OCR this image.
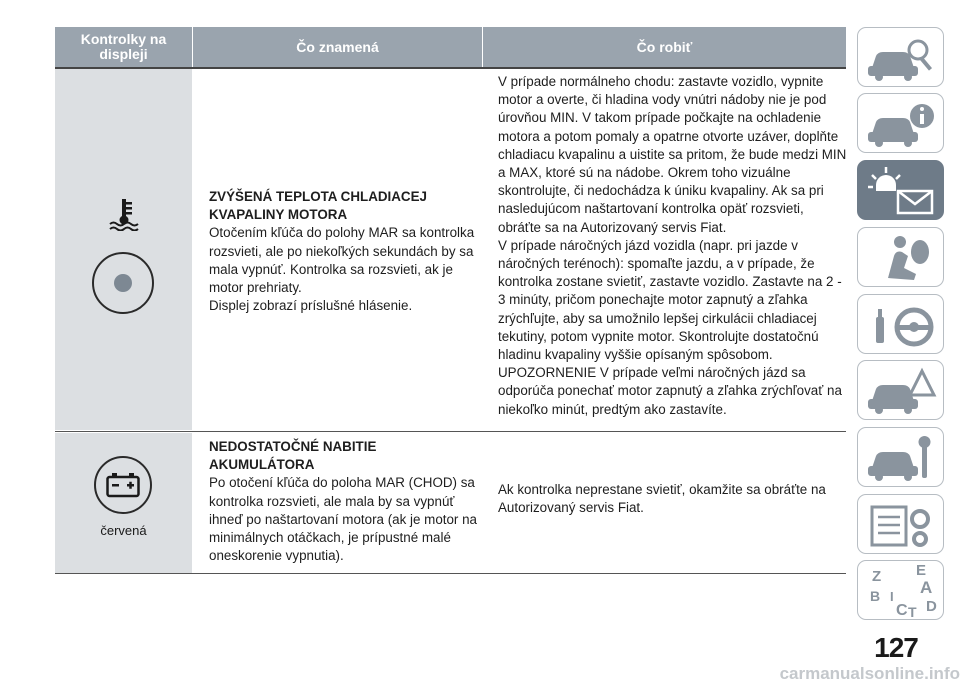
Kontrolky na displeji	Čo znamená	Čo robiť
ZVÝŠENÁ TEPLOTA CHLADIACEJ KVAPALINY MOTORA
Otočením kľúča do polohy MAR sa kontrolka rozsvieti, ale po niekoľkých sekundách by sa mala vypnúť. Kontrolka sa rozsvieti, ak je motor prehriaty.
Displej zobrazí príslušné hlásenie.
V prípade normálneho chodu: zastavte vozidlo, vypnite motor a overte, či hladina vody vnútri nádoby nie je pod úrovňou MIN. V takom prípade počkajte na ochladenie motora a potom pomaly a opatrne otvorte uzáver, doplňte chladiacu kvapalinu a uistite sa pritom, že bude medzi MIN a MAX, ktoré sú na nádobe. Okrem toho vizuálne skontrolujte, či nedochádza k úniku kvapaliny. Ak sa pri nasledujúcom naštartovaní kontrolka opäť rozsvieti, obráťte sa na Autorizovaný servis Fiat.
V prípade náročných jázd vozidla (napr. pri jazde v náročných terénoch): spomaľte jazdu, a v prípade, že kontrolka zostane svietiť, zastavte vozidlo. Zastavte na 2 - 3 minúty, pričom ponechajte motor zapnutý a zľahka zrýchľujte, aby sa umožnilo lepšej cirkulácii chladiacej tekutiny, potom vypnite motor. Skontrolujte dostatočnú hladinu kvapaliny vyššie opísaným spôsobom.
UPOZORNENIE V prípade veľmi náročných jázd sa odporúča ponechať motor zapnutý a zľahka zrýchľovať na niekoľko minút, predtým ako zastavíte.
červená
NEDOSTATOČNÉ NABITIE AKUMULÁTORA
Po otočení kľúča do poloha MAR (CHOD) sa kontrolka rozsvieti, ale mala by sa vypnúť ihneď po naštartovaní motora (ak je motor na minimálnych otáčkach, je prípustné malé oneskorenie vypnutia).
Ak kontrolka neprestane svietiť, okamžite sa obráťte na Autorizovaný servis Fiat.
Z E
A
B
C D
T
I
127
carmanualsonline.info
